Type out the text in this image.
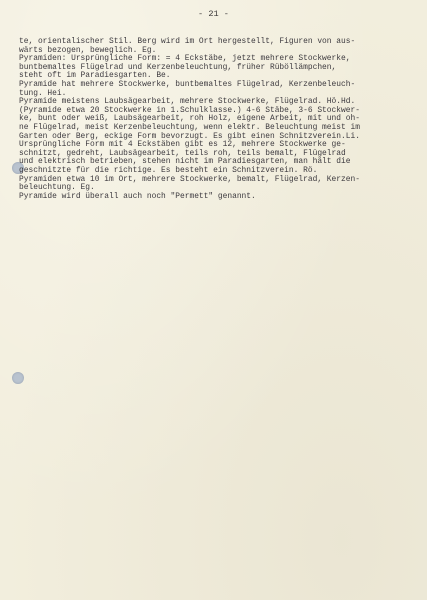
- 21 -
te, orientalischer Stil. Berg wird im Ort hergestellt, Figuren von aus-
wärts bezogen, beweglich. Eg.
Pyramiden: Ursprüngliche Form: = 4 Eckstäbe, jetzt mehrere Stockwerke,
buntbemaltes Flügelrad und Kerzenbeleuchtung, früher Rüböllämpchen,
steht oft im Paradiesgarten. Be.
Pyramide hat mehrere Stockwerke, buntbemaltes Flügelrad, Kerzenbeleuch-
tung. Hei.
Pyramide meistens Laubsägearbeit, mehrere Stockwerke, Flügelrad. Hö.Hd.
(Pyramide etwa 20 Stockwerke in 1.Schulklasse.) 4-6 Stäbe, 3-6 Stockwer-
ke, bunt oder weiß, Laubsägearbeit, roh Holz, eigene Arbeit, mit und oh-
ne Flügelrad, meist Kerzenbeleuchtung, wenn elektr. Beleuchtung meist im
Garten oder Berg, eckige Form bevorzugt. Es gibt einen Schnitzverein.Li.
Ursprüngliche Form mit 4 Eckstäben gibt es 12, mehrere Stockwerke ge-
schnitzt, gedreht, Laubsägearbeit, teils roh, teils bemalt, Flügelrad
und elektrisch betrieben, stehen nicht im Paradiesgarten, man hält die
geschnitzte für die richtige. Es besteht ein Schnitzverein. Rö.
Pyramiden etwa 10 im Ort, mehrere Stockwerke, bemalt, Flügelrad, Kerzen-
beleuchtung. Eg.
Pyramide wird überall auch noch "Permett" genannt.
